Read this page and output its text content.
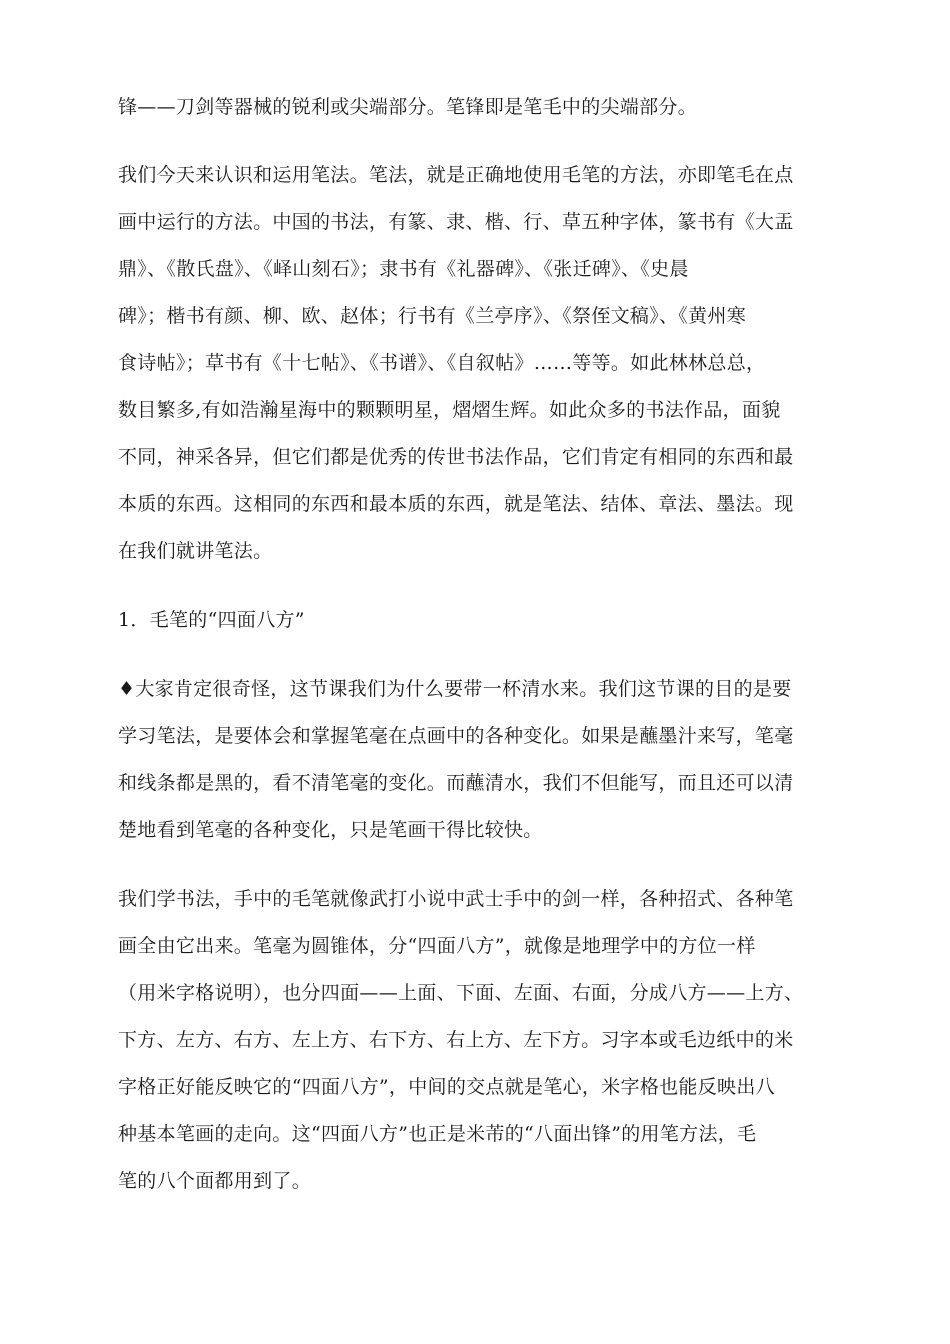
锋——刀剑等器械的锐利或尖端部分。笔锋即是笔毛中的尖端部分。

我们今天来认识和运用笔法。笔法，就是正确地使用毛笔的方法，亦即笔毛在点
画中运行的方法。中国的书法，有篆、隶、楷、行、草五种字体，篆书有《大盂
鼎》、《散氏盘》、《峄山刻石》；隶书有《礼器碑》、《张迁碑》、《史晨
碑》；楷书有颜、柳、欧、赵体；行书有《兰亭序》、《祭侄文稿》、《黄州寒
食诗帖》；草书有《十七帖》、《书谱》、《自叙帖》……等等。如此林林总总，
数目繁多,有如浩瀚星海中的颗颗明星，熠熠生辉。如此众多的书法作品，面貌
不同，神采各异，但它们都是优秀的传世书法作品，它们肯定有相同的东西和最
本质的东西。这相同的东西和最本质的东西，就是笔法、结体、章法、墨法。现
在我们就讲笔法。

1．毛笔的“四面八方”

♦大家肯定很奇怪，这节课我们为什么要带一杯清水来。我们这节课的目的是要
学习笔法，是要体会和掌握笔毫在点画中的各种变化。如果是蘸墨汁来写，笔毫
和线条都是黑的，看不清笔毫的变化。而蘸清水，我们不但能写，而且还可以清
楚地看到笔毫的各种变化，只是笔画干得比较快。

我们学书法，手中的毛笔就像武打小说中武士手中的剑一样，各种招式、各种笔
画全由它出来。笔毫为圆锥体，分“四面八方”，就像是地理学中的方位一样
（用米字格说明），也分四面——上面、下面、左面、右面，分成八方——上方、
下方、左方、右方、左上方、右下方、右上方、左下方。习字本或毛边纸中的米
字格正好能反映它的“四面八方”，中间的交点就是笔心，米字格也能反映出八
种基本笔画的走向。这“四面八方”也正是米芾的“八面出锋”的用笔方法，毛
笔的八个面都用到了。
